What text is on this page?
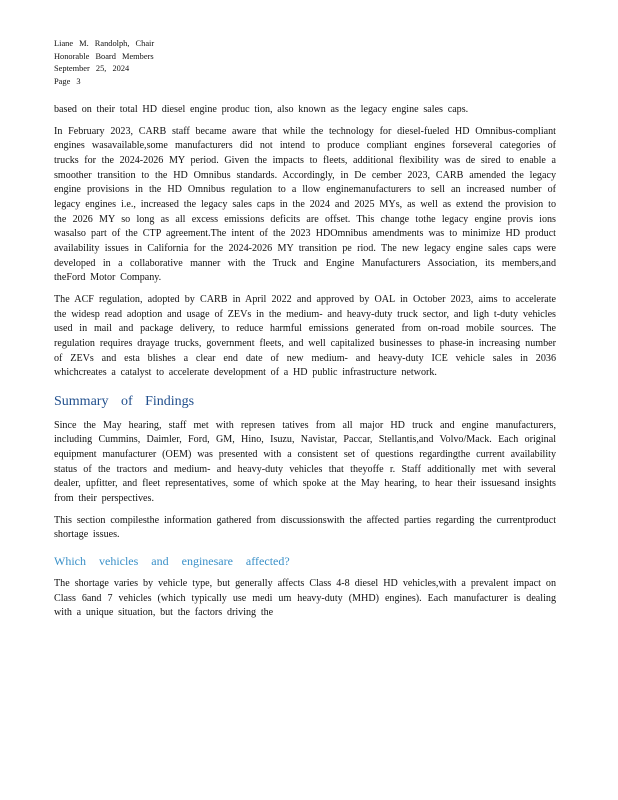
Liane M. Randolph, Chair
Honorable Board Members
September 25, 2024
Page 3

based on their total HD diesel engine produc tion, also known as the legacy engine sales caps.

In February 2023, CARB staff became aware that while the technology for diesel-fueled HD Omnibus-compliant engines wasavailable,some manufacturers did not intend to produce compliant engines forseveral categories of trucks for the 2024-2026 MY period. Given the impacts to fleets, additional flexibility was de sired to enable a smoother transition to the HD Omnibus standards. Accordingly, in De cember 2023, CARB amended the legacy engine provisions in the HD Omnibus regulation to a llow enginemanufacturers to sell an increased number of legacy engines i.e., increased the legacy sales caps in the 2024 and 2025 MYs, as well as extend the provision to the 2026 MY so long as all excess emissions deficits are offset. This change tothe legacy engine provis ions wasalso part of the CTP agreement.The intent of the 2023 HDOmnibus amendments was to minimize HD product availability issues in California for the 2024-2026 MY transition pe riod. The new legacy engine sales caps were developed in a collaborative manner with the Truck and Engine Manufacturers Association, its members,and theFord Motor Company.

The ACF regulation, adopted by CARB in April 2022 and approved by OAL in October 2023, aims to accelerate the widesp read adoption and usage of ZEVs in the medium- and heavy-duty truck sector, and ligh t-duty vehicles used in mail and package delivery, to reduce harmful emissions generated from on-road mobile sources. The regulation requires drayage trucks, government fleets, and well capitalized businesses to phase-in increasing number of ZEVs and esta blishes a clear end date of new medium- and heavy-duty ICE vehicle sales in 2036 whichcreates a catalyst to accelerate development of a HD public infrastructure network.

Summary of Findings

Since the May hearing, staff met with represen tatives from all major HD truck and engine manufacturers, including Cummins, Daimler, Ford, GM, Hino, Isuzu, Navistar, Paccar, Stellantis,and Volvo/Mack. Each original equipment manufacturer (OEM) was presented with a consistent set of questions regardingthe current availability status of the tractors and medium- and heavy-duty vehicles that theyoffe r. Staff additionally met with several dealer, upfitter, and fleet representatives, some of which spoke at the May hearing, to hear their issuesand insights from their perspectives.

This section compilesthe information gathered from discussionswith the affected parties regarding the currentproduct shortage issues.

Which vehicles and enginesare affected?

The shortage varies by vehicle type, but generally affects Class 4-8 diesel HD vehicles,with a prevalent impact on Class 6and 7 vehicles (which typically use medi um heavy-duty (MHD) engines). Each manufacturer is dealing with a unique situation, but the factors driving the
